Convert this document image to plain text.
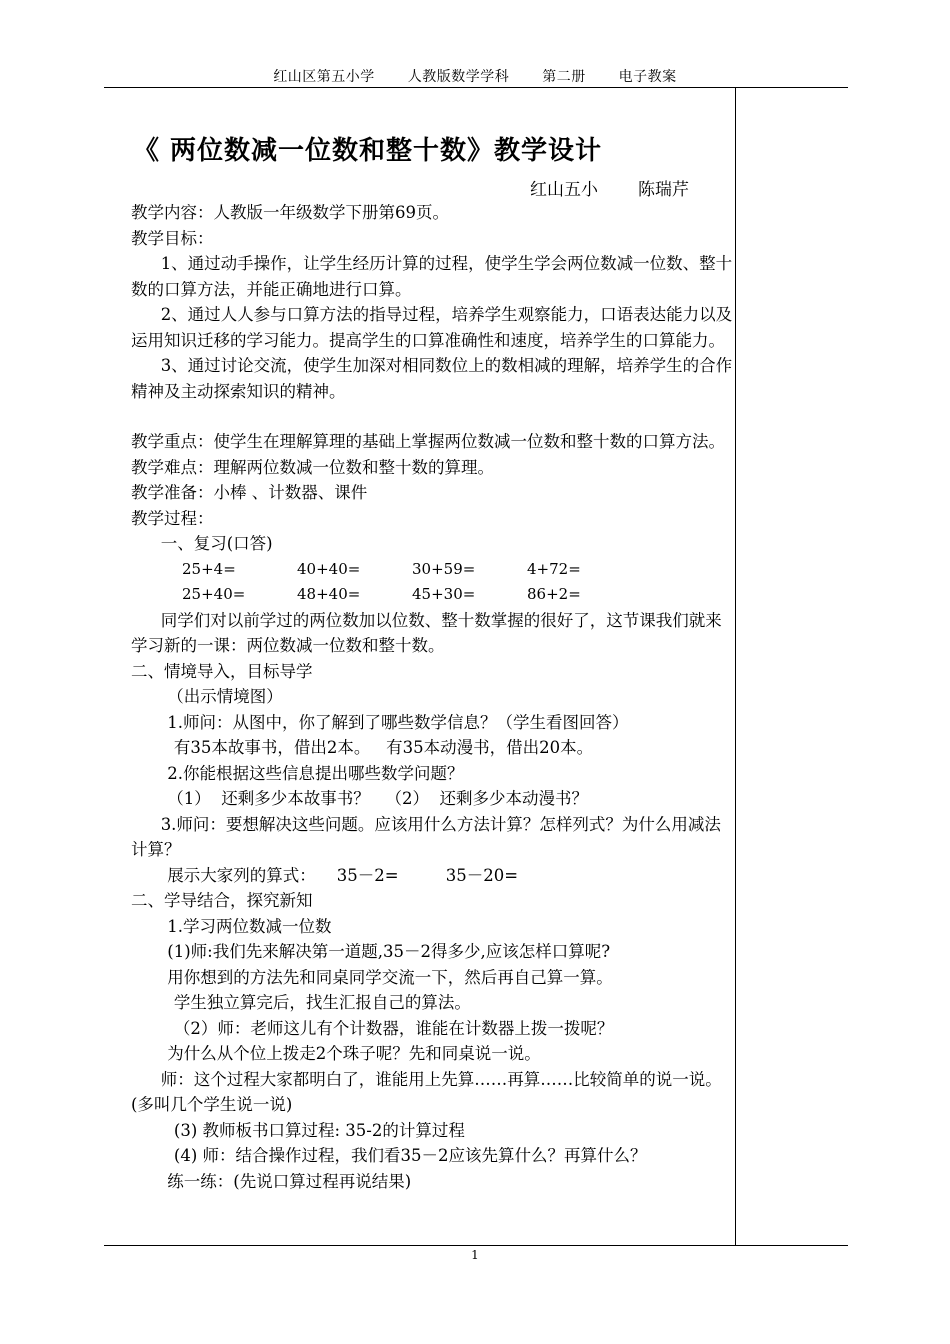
红山区第五小学 人教版数学学科 第二册 电子教案
《 两位数减一位数和整十数》教学设计
红山五小 陈瑞芹

教学内容：人教版一年级数学下册第69页。

教学目标：

1、通过动手操作，让学生经历计算的过程，使学生学会两位数减一位数、整十数的口算方法，并能正确地进行口算。

2、通过人人参与口算方法的指导过程，培养学生观察能力，口语表达能力以及运用知识迁移的学习能力。提高学生的口算准确性和速度，培养学生的口算能力。

3、通过讨论交流，使学生加深对相同数位上的数相减的理解，培养学生的合作精神及主动探索知识的精神。

教学重点：使学生在理解算理的基础上掌握两位数减一位数和整十数的口算方法。

教学难点：理解两位数减一位数和整十数的算理。

教学准备：小棒 、计数器、课件

教学过程：

一、复习(口答)

25+4=	40+40=	30+59=	4+72=
25+40=	48+40=	45+30=	86+2=

同学们对以前学过的两位数加以位数、整十数掌握的很好了，这节课我们就来学习新的一课：两位数减一位数和整十数。

二、情境导入，目标导学

（出示情境图）

1.师问：从图中，你了解到了哪些数学信息？（学生看图回答）

有35本故事书，借出2本。   有35本动漫书，借出20本。

2.你能根据这些信息提出哪些数学问题？

（1）  还剩多少本故事书？   （2）  还剩多少本动漫书？

3.师问：要想解决这些问题。应该用什么方法计算？怎样列式？为什么用减法计算？

展示大家列的算式：    35－2=         35－20=

二、学导结合，探究新知

1.学习两位数减一位数

(1)师:我们先来解决第一道题,35－2得多少,应该怎样口算呢?

用你想到的方法先和同桌同学交流一下，然后再自己算一算。

学生独立算完后，找生汇报自己的算法。

（2）师：老师这儿有个计数器，谁能在计数器上拨一拨呢？

为什么从个位上拨走2个珠子呢？先和同桌说一说。

师：这个过程大家都明白了，谁能用上先算……再算……比较简单的说一说。   (多叫几个学生说一说)

(3) 教师板书口算过程: 35-2的计算过程

(4) 师：结合操作过程，我们看35－2应该先算什么？再算什么？

练一练：(先说口算过程再说结果)

1
